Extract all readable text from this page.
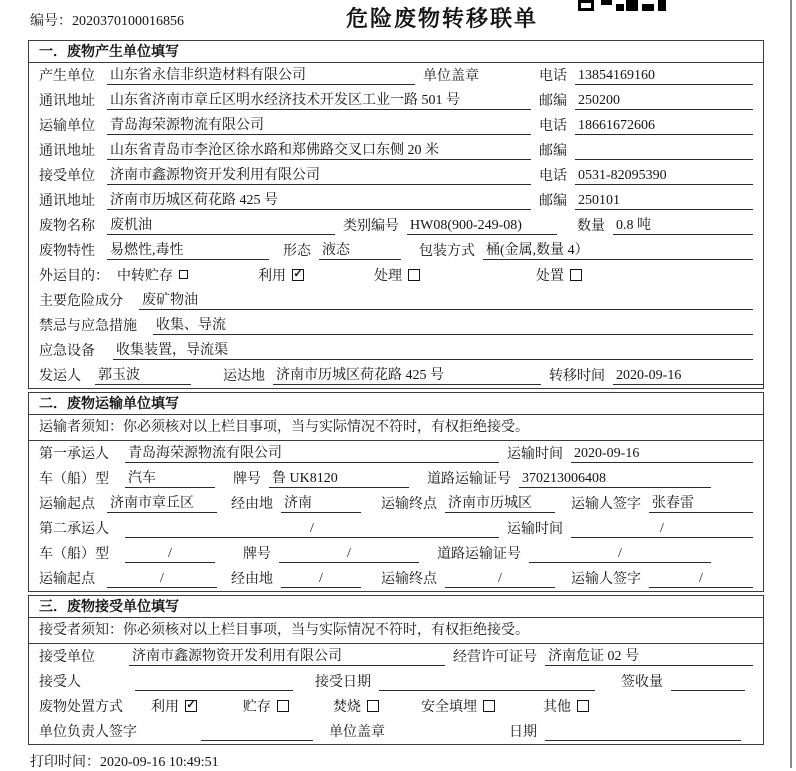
编号：2020370100016856	危险废物转移联单
一．废物产生单位填写
产生单位 山东省永信非织造材料有限公司	单位盖章	电话 13854169160
通讯地址 山东省济南市章丘区明水经济技术开发区工业一路 501 号	邮编 250200
运输单位 青岛海荣源物流有限公司	电话 18661672606
通讯地址 山东省青岛市李沧区徐水路和郑佛路交叉口东侧 20 米	邮编
接受单位 济南市鑫源物资开发利用有限公司	电话 0531-82095390
通讯地址 济南市历城区荷花路 425 号	邮编 250101
废物名称 废机油	类别编号 HW08(900-249-08)	数量 0.8 吨
废物特性 易燃性,毒性	形态 液态	包装方式 桶(金属,数量 4）
外运目的： 中转贮存	利用 ✓	处理	处置
主要危险成分	废矿物油
禁忌与应急措施	收集、导流
应急设备	收集装置，导流渠
发运人	郭玉波	运达地 济南市历城区荷花路 425 号	转移时间 2020-09-16
二．废物运输单位填写
运输者须知：你必须核对以上栏目事项，当与实际情况不符时，有权拒绝接受。
第一承运人	青岛海荣源物流有限公司	运输时间 2020-09-16
车（船）型	汽车	牌号 鲁 UK8120	道路运输证号 370213006408
运输起点 济南市章丘区	经由地 济南	运输终点 济南市历城区	运输人签字 张春雷
第二承运人	/	运输时间	/
车（船）型	/	牌号	/	道路运输证号	/
运输起点	/	经由地	/	运输终点	/	运输人签字	/
三．废物接受单位填写
接受者须知：你必须核对以上栏目事项，当与实际情况不符时，有权拒绝接受。
接受单位	济南市鑫源物资开发利用有限公司	经营许可证号 济南危证 02 号
接受人	接受日期	签收量
废物处置方式	利用 ✓	贮存	焚烧	安全填埋	其他
单位负责人签字	单位盖章	日期
打印时间：2020-09-16 10:49:51
